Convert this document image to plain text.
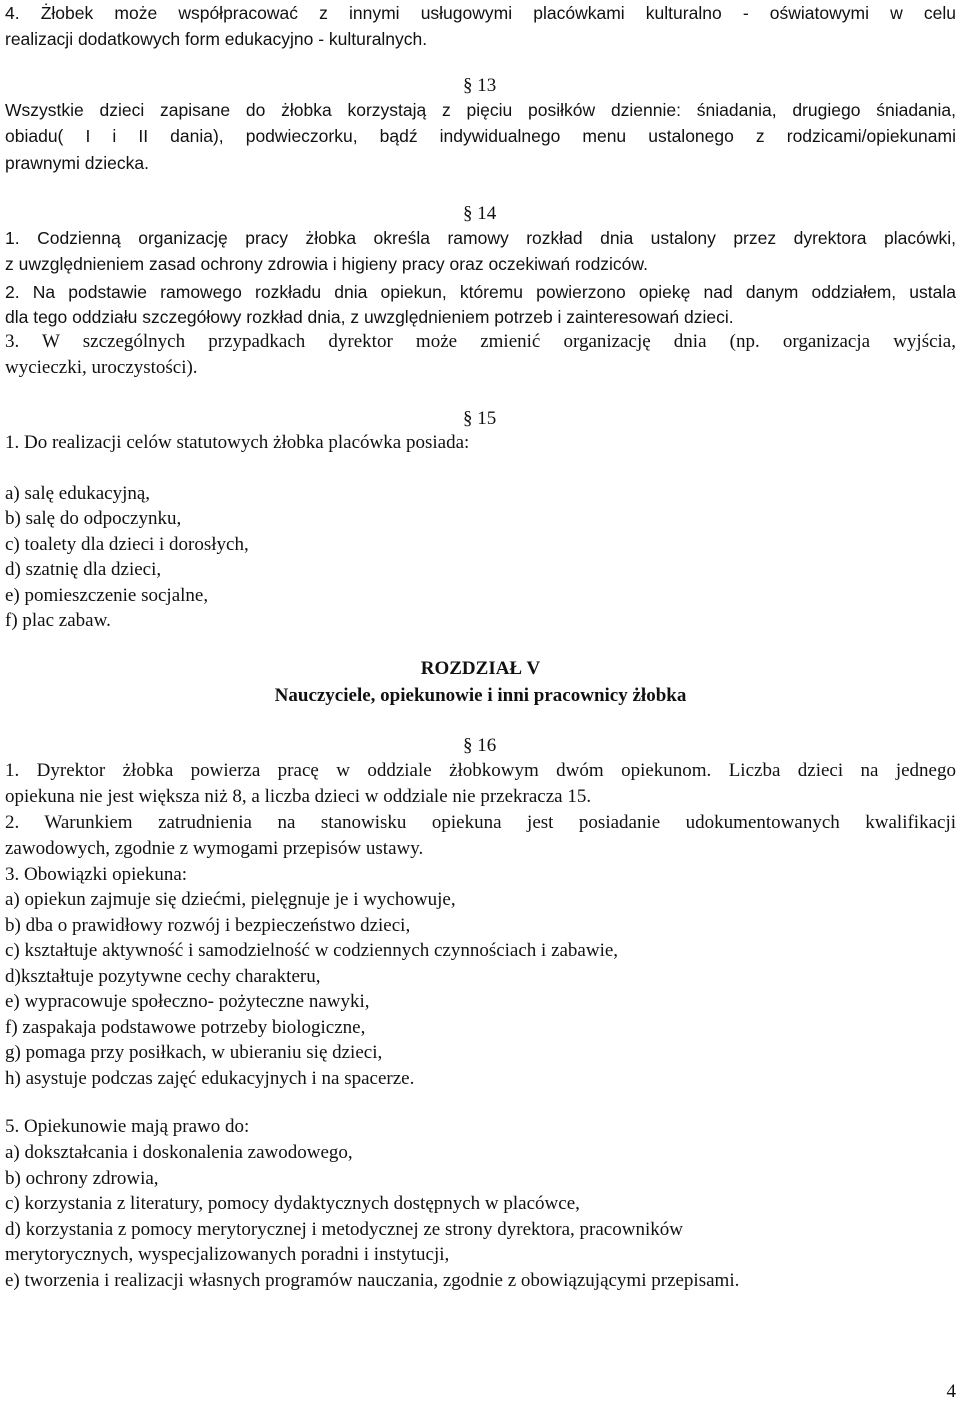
4. Żłobek może współpracować z innymi usługowymi placówkami kulturalno - oświatowymi w celu
realizacji dodatkowych form edukacyjno - kulturalnych.
§ 13
Wszystkie dzieci zapisane do żłobka korzystają z pięciu posiłków dziennie: śniadania, drugiego śniadania,
obiadu( I i II dania), podwieczorku, bądź indywidualnego menu ustalonego z rodzicami/opiekunami
prawnymi dziecka.
§ 14
1. Codzienną organizację pracy żłobka określa ramowy rozkład dnia ustalony przez dyrektora placówki,
z uwzględnieniem zasad ochrony zdrowia i higieny pracy oraz oczekiwań rodziców.
2. Na podstawie ramowego rozkładu dnia opiekun, któremu powierzono opiekę nad danym oddziałem, ustala
dla tego oddziału szczegółowy rozkład dnia, z uwzględnieniem potrzeb i zainteresowań dzieci.
3. W szczególnych przypadkach dyrektor może zmienić organizację dnia (np. organizacja wyjścia,
wycieczki, uroczystości).
§ 15
1. Do realizacji celów statutowych żłobka placówka posiada:
a) salę edukacyjną,
b) salę do odpoczynku,
c) toalety dla dzieci i dorosłych,
d) szatnię dla dzieci,
e) pomieszczenie socjalne,
f) plac zabaw.
ROZDZIAŁ V
Nauczyciele, opiekunowie i inni pracownicy żłobka
§ 16
1. Dyrektor żłobka powierza pracę w oddziale żłobkowym dwóm opiekunom. Liczba dzieci na jednego
opiekuna nie jest większa niż 8, a liczba dzieci w oddziale nie przekracza 15.
2. Warunkiem zatrudnienia na stanowisku opiekuna jest posiadanie udokumentowanych kwalifikacji
zawodowych, zgodnie z wymogami przepisów ustawy.
3. Obowiązki opiekuna:
a) opiekun zajmuje się dziećmi, pielęgnuje je i wychowuje,
b) dba o prawidłowy rozwój i bezpieczeństwo dzieci,
c) kształtuje aktywność i samodzielność w codziennych czynnościach i zabawie,
d)kształtuje pozytywne cechy charakteru,
e) wypracowuje społeczno- pożyteczne nawyki,
f) zaspakaja podstawowe potrzeby biologiczne,
g) pomaga przy posiłkach, w ubieraniu się dzieci,
h) asystuje podczas zajęć edukacyjnych i na spacerze.
5. Opiekunowie mają prawo do:
a) dokształcania i doskonalenia zawodowego,
b) ochrony zdrowia,
c) korzystania z literatury, pomocy dydaktycznych dostępnych w placówce,
d) korzystania z pomocy merytorycznej i metodycznej ze strony dyrektora, pracowników
merytorycznych, wyspecjalizowanych poradni i instytucji,
e) tworzenia i realizacji własnych programów nauczania, zgodnie z obowiązującymi przepisami.
4
